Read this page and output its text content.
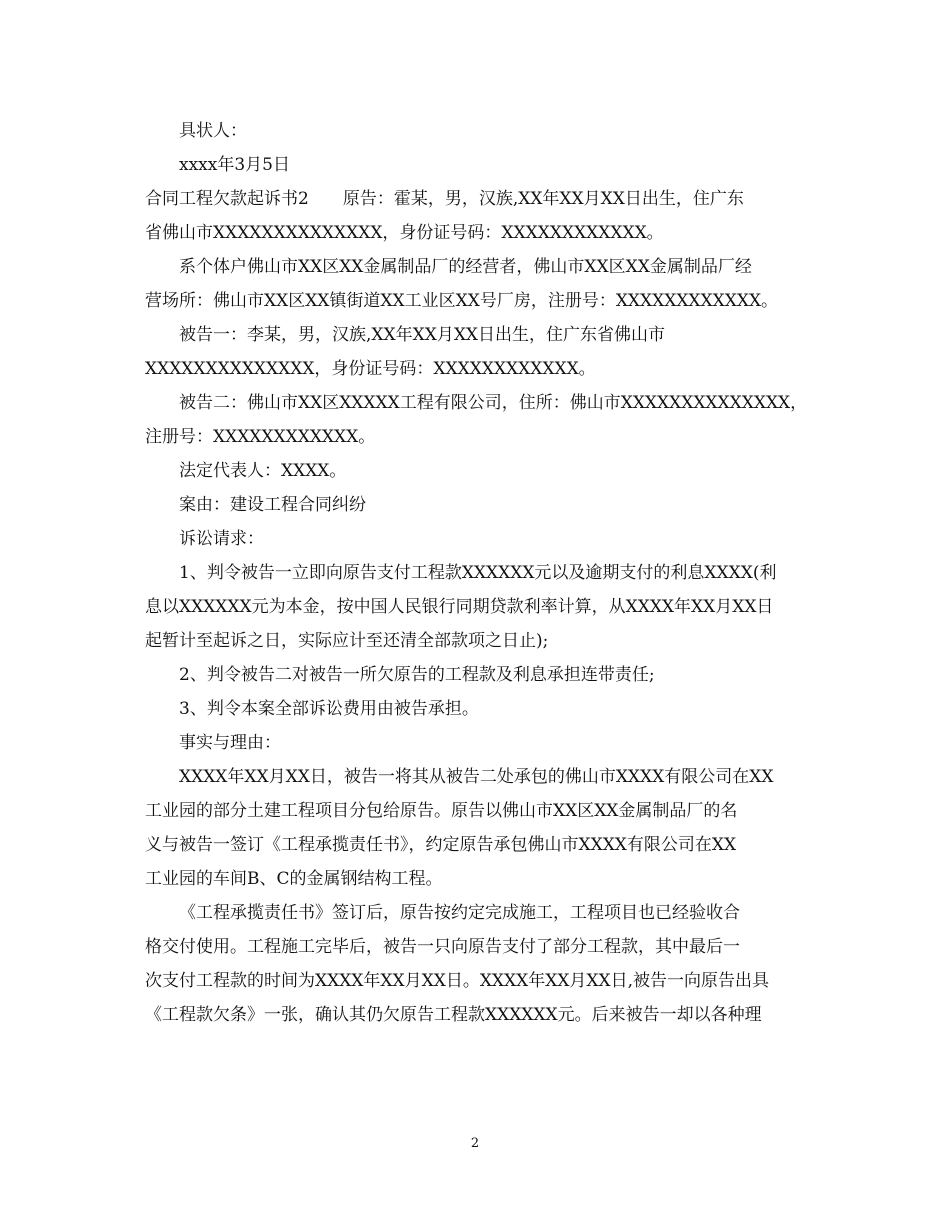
具状人：
xxxx年3月5日
合同工程欠款起诉书2　　原告：霍某，男，汉族,XX年XX月XX日出生，住广东
省佛山市XXXXXXXXXXXXXX，身份证号码：XXXXXXXXXXXX。
系个体户佛山市XX区XX金属制品厂的经营者，佛山市XX区XX金属制品厂经
营场所：佛山市XX区XX镇街道XX工业区XX号厂房，注册号：XXXXXXXXXXXX。
被告一：李某，男，汉族,XX年XX月XX日出生，住广东省佛山市
XXXXXXXXXXXXXX，身份证号码：XXXXXXXXXXXX。
被告二：佛山市XX区XXXXX工程有限公司，住所：佛山市XXXXXXXXXXXXXX，
注册号：XXXXXXXXXXXX。
法定代表人：XXXX。
案由：建设工程合同纠纷
诉讼请求：
1、判令被告一立即向原告支付工程款XXXXXX元以及逾期支付的利息XXXX(利
息以XXXXXX元为本金，按中国人民银行同期贷款利率计算，从XXXX年XX月XX日
起暂计至起诉之日，实际应计至还清全部款项之日止);
2、判令被告二对被告一所欠原告的工程款及利息承担连带责任;
3、判令本案全部诉讼费用由被告承担。
事实与理由：
XXXX年XX月XX日，被告一将其从被告二处承包的佛山市XXXX有限公司在XX
工业园的部分土建工程项目分包给原告。原告以佛山市XX区XX金属制品厂的名
义与被告一签订《工程承揽责任书》，约定原告承包佛山市XXXX有限公司在XX
工业园的车间B、C的金属钢结构工程。
《工程承揽责任书》签订后，原告按约定完成施工，工程项目也已经验收合
格交付使用。工程施工完毕后，被告一只向原告支付了部分工程款，其中最后一
次支付工程款的时间为XXXX年XX月XX日。XXXX年XX月XX日,被告一向原告出具
《工程款欠条》一张，确认其仍欠原告工程款XXXXXX元。后来被告一却以各种理
2
